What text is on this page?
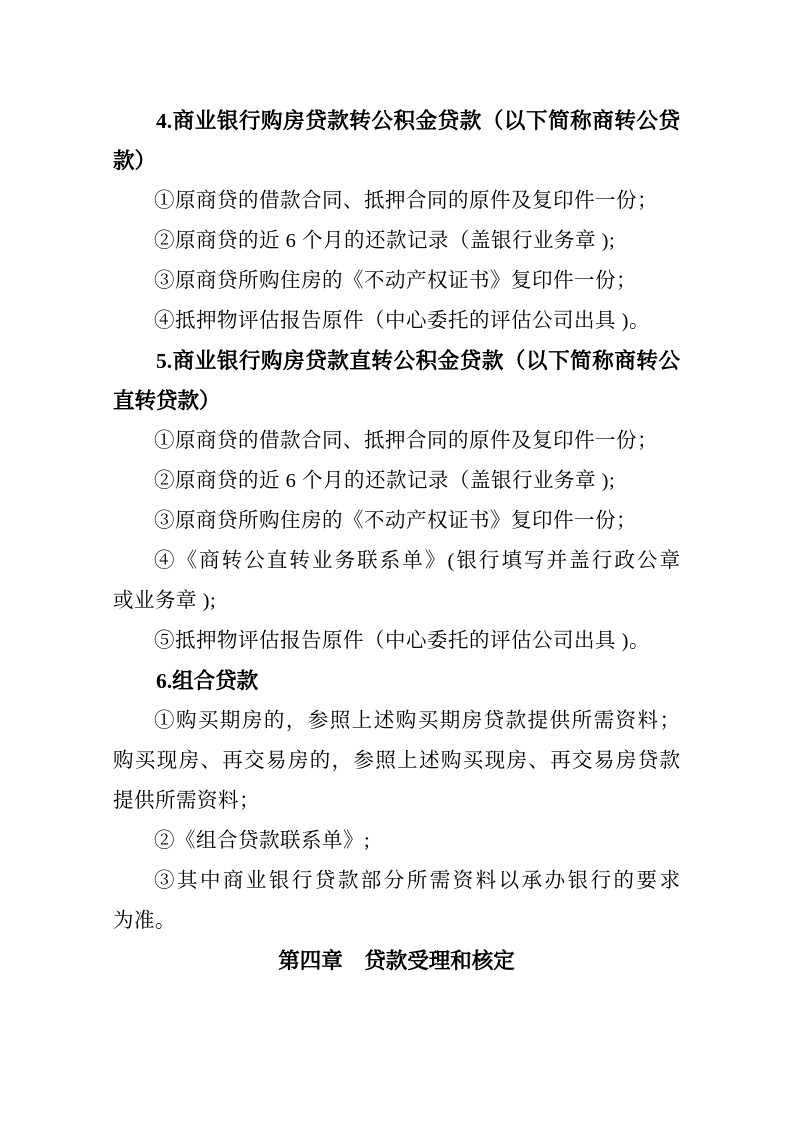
4.商业银行购房贷款转公积金贷款（以下简称商转公贷
款）
①原商贷的借款合同、抵押合同的原件及复印件一份；
②原商贷的近 6 个月的还款记录（盖银行业务章 );
③原商贷所购住房的《不动产权证书》复印件一份；
④抵押物评估报告原件（中心委托的评估公司出具 )。
5.商业银行购房贷款直转公积金贷款（以下简称商转公
直转贷款）
①原商贷的借款合同、抵押合同的原件及复印件一份；
②原商贷的近 6 个月的还款记录（盖银行业务章 );
③原商贷所购住房的《不动产权证书》复印件一份；
④《商转公直转业务联系单》(银行填写并盖行政公章
或业务章 );
⑤抵押物评估报告原件（中心委托的评估公司出具 )。
6.组合贷款
①购买期房的，参照上述购买期房贷款提供所需资料；
购买现房、再交易房的，参照上述购买现房、再交易房贷款
提供所需资料；
②《组合贷款联系单》;
③其中商业银行贷款部分所需资料以承办银行的要求
为准。
第四章　贷款受理和核定
